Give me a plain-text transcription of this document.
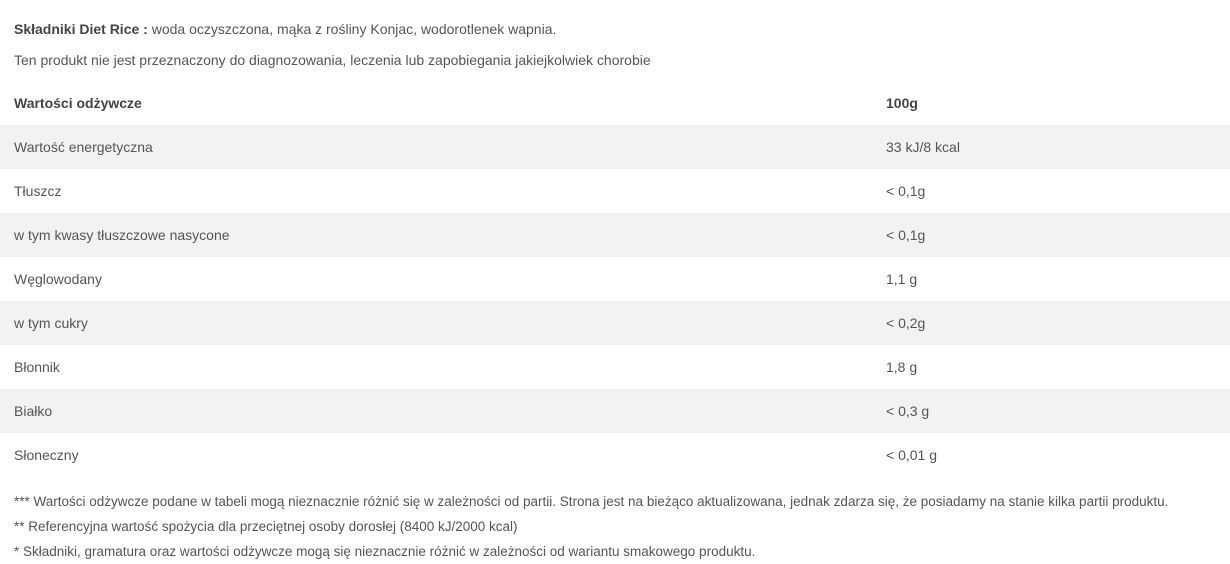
Składniki Diet Rice : woda oczyszczona, mąka z rośliny Konjac, wodorotlenek wapnia.
Ten produkt nie jest przeznaczony do diagnozowania, leczenia lub zapobiegania jakiejkolwiek chorobie
Wartości odżywcze	100g
Wartość energetyczna	33 kJ/8 kcal
Tłuszcz	< 0,1g
w tym kwasy tłuszczowe nasycone	< 0,1g
Węglowodany	1,1 g
w tym cukry	< 0,2g
Błonnik	1,8 g
Białko	< 0,3 g
Słoneczny	< 0,01 g
*** Wartości odżywcze podane w tabeli mogą nieznacznie różnić się w zależności od partii. Strona jest na bieżąco aktualizowana, jednak zdarza się, że posiadamy na stanie kilka partii produktu.
** Referencyjna wartość spożycia dla przeciętnej osoby dorosłej (8400 kJ/2000 kcal)
* Składniki, gramatura oraz wartości odżywcze mogą się nieznacznie różnić w zależności od wariantu smakowego produktu.
